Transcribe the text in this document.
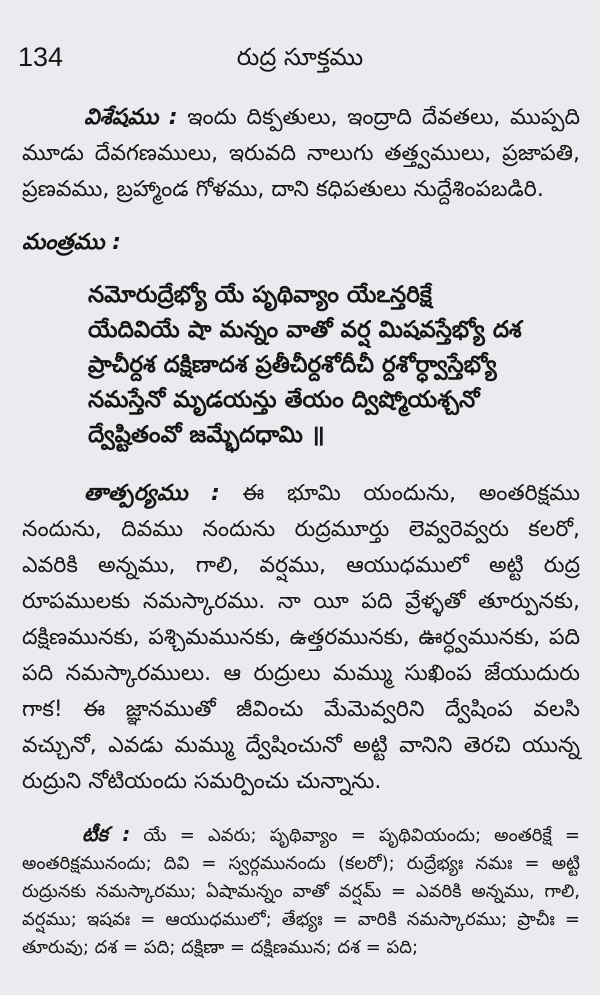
134	రుద్ర సూక్తము

విశేషము : ఇందు దిక్పతులు, ఇంద్రాది దేవతలు, ముప్పది మూడు దేవగణములు, ఇరువది నాలుగు తత్త్వములు, ప్రజాపతి, ప్రణవము, బ్రహ్మాండ గోళము, దాని కధిపతులు నుద్దేశింపబడిరి.

మంత్రము :

నమోరుద్రేభ్యో యే పృథివ్యాం యేఽన్తరిక్షే
యేదివియే షా మన్నం వాతో వర్ష మిషవస్తేభ్యో దశ
ప్రాచీర్దశ దక్షిణాదశ ప్రతీచీర్దశోదీచీ ర్దశోర్ధ్వాస్తేభ్యో
నమస్తేనో మృడయన్తు తేయం ద్విష్మోయశ్చనో
ద్వేష్టితంవో జమ్భేదధామి ॥

తాత్పర్యము : ఈ భూమి యందును, అంతరిక్షము నందును, దివము నందును రుద్రమూర్తు లెవ్వరెవ్వరు కలరో, ఎవరికి అన్నము, గాలి, వర్షము, ఆయుధములో అట్టి రుద్ర రూపములకు నమస్కారము. నా యీ పది వ్రేళ్ళతో తూర్పునకు, దక్షిణమునకు, పశ్చిమమునకు, ఉత్తరమునకు, ఊర్ధ్వమునకు, పది పది నమస్కారములు. ఆ రుద్రులు మమ్ము సుఖింప జేయుదురు గాక! ఈ జ్ఞానముతో జీవించు మేమెవ్వరిని ద్వేషింప వలసి వచ్చునో, ఎవడు మమ్ము ద్వేషించునో అట్టి వానిని తెరచి యున్న రుద్రుని నోటియందు సమర్పించు చున్నాను.

టీక : యే = ఎవరు; పృథివ్యాం = పృథివియందు; అంతరిక్షే = అంతరిక్షమునందు; దివి = స్వర్గమునందు (కలరో); రుద్రేభ్యః నమః = అట్టి రుద్రునకు నమస్కారము; ఏషామన్నం వాతో వర్షమ్ = ఎవరికి అన్నము, గాలి, వర్షము; ఇషవః = ఆయుధములో; తేభ్యః = వారికి నమస్కారము; ప్రాచీః = తూరువు; దశ = పది; దక్షిణా = దక్షిణమున; దశ = పది;
